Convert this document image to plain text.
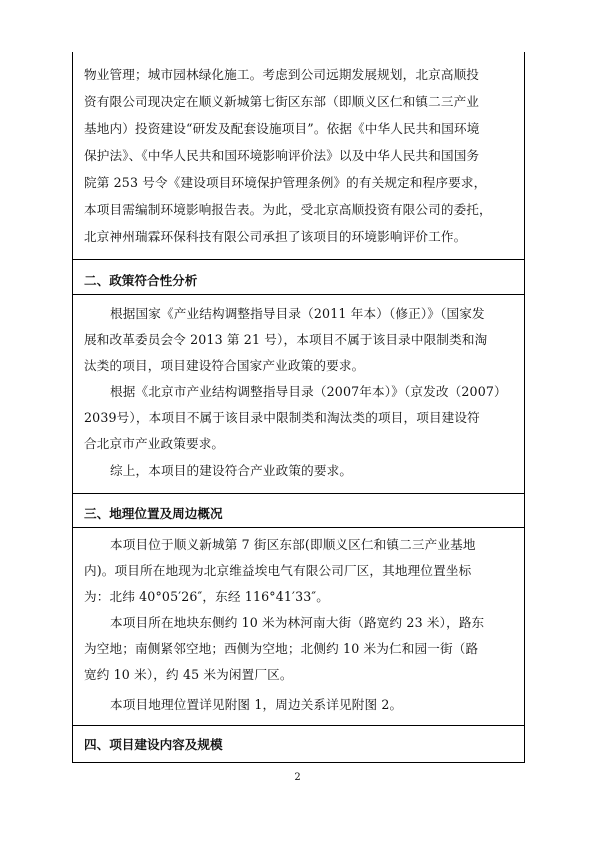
物业管理；城市园林绿化施工。考虑到公司远期发展规划，北京高顺投
资有限公司现决定在顺义新城第七街区东部（即顺义区仁和镇二三产业
基地内）投资建设“研发及配套设施项目”。依据《中华人民共和国环境
保护法》、《中华人民共和国环境影响评价法》以及中华人民共和国国务
院第 253 号令《建设项目环境保护管理条例》的有关规定和程序要求，
本项目需编制环境影响报告表。为此，受北京高顺投资有限公司的委托，
北京神州瑞霖环保科技有限公司承担了该项目的环境影响评价工作。
二、政策符合性分析
根据国家《产业结构调整指导目录（2011 年本）（修正）》（国家发
展和改革委员会令 2013 第 21 号），本项目不属于该目录中限制类和淘
汰类的项目，项目建设符合国家产业政策的要求。
根据《北京市产业结构调整指导目录（2007年本）》（京发改（2007）
2039号），本项目不属于该目录中限制类和淘汰类的项目，项目建设符
合北京市产业政策要求。
综上，本项目的建设符合产业政策的要求。
三、地理位置及周边概况
本项目位于顺义新城第 7 街区东部(即顺义区仁和镇二三产业基地
内)。项目所在地现为北京维益埃电气有限公司厂区，其地理位置坐标
为：北纬 40°05′26″，东经 116°41′33″。
本项目所在地块东侧约 10 米为林河南大街（路宽约 23 米），路东
为空地；南侧紧邻空地；西侧为空地；北侧约 10 米为仁和园一街（路
宽约 10 米），约 45 米为闲置厂区。
本项目地理位置详见附图 1，周边关系详见附图 2。
四、项目建设内容及规模
2
